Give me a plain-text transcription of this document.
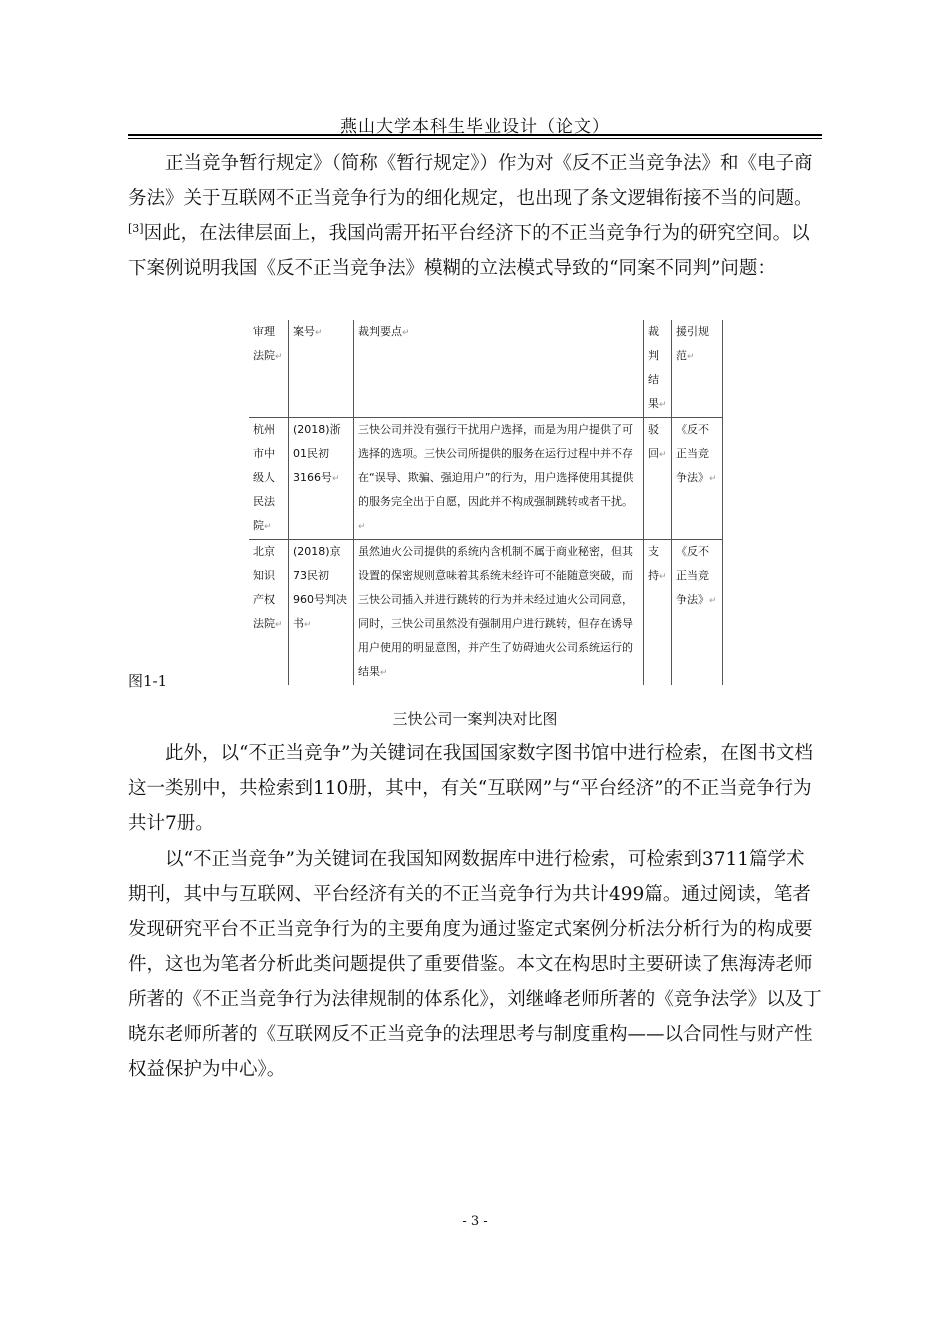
燕山大学本科生毕业设计（论文）

正当竞争暂行规定》（简称《暂行规定》）作为对《反不正当竞争法》和《电子商务法》关于互联网不正当竞争行为的细化规定，也出现了条文逻辑衔接不当的问题。[3]因此，在法律层面上，我国尚需开拓平台经济下的不正当竞争行为的研究空间。以下案例说明我国《反不正当竞争法》模糊的立法模式导致的“同案不同判”问题：

审理法院↵	案号↵	裁判要点↵	裁判结果↵	援引规范↵
杭州市中级人民法院↵	(2018)浙01民初3166号↵	三快公司并没有强行干扰用户选择，而是为用户提供了可选择的选项。三快公司所提供的服务在运行过程中并不存在“误导、欺骗、强迫用户”的行为，用户选择使用其提供的服务完全出于自愿，因此并不构成强制跳转或者干扰。↵	驳回↵	《反不正当竞争法》↵
北京知识产权法院↵	(2018)京73民初960号判决书↵	虽然迪火公司提供的系统内含机制不属于商业秘密，但其设置的保密规则意味着其系统未经许可不能随意突破，而三快公司插入并进行跳转的行为并未经过迪火公司同意，同时，三快公司虽然没有强制用户进行跳转，但存在诱导用户使用的明显意图，并产生了妨碍迪火公司系统运行的结果↵	支持↵	《反不正当竞争法》↵
图1-1
三快公司一案判决对比图

此外，以“不正当竞争”为关键词在我国国家数字图书馆中进行检索，在图书文档这一类别中，共检索到110册，其中，有关“互联网”与“平台经济”的不正当竞争行为共计7册。

以“不正当竞争”为关键词在我国知网数据库中进行检索，可检索到3711篇学术期刊，其中与互联网、平台经济有关的不正当竞争行为共计499篇。通过阅读，笔者发现研究平台不正当竞争行为的主要角度为通过鉴定式案例分析法分析行为的构成要件，这也为笔者分析此类问题提供了重要借鉴。本文在构思时主要研读了焦海涛老师所著的《不正当竞争行为法律规制的体系化》，刘继峰老师所著的《竞争法学》以及丁晓东老师所著的《互联网反不正当竞争的法理思考与制度重构——以合同性与财产性权益保护为中心》。

- 3 -
